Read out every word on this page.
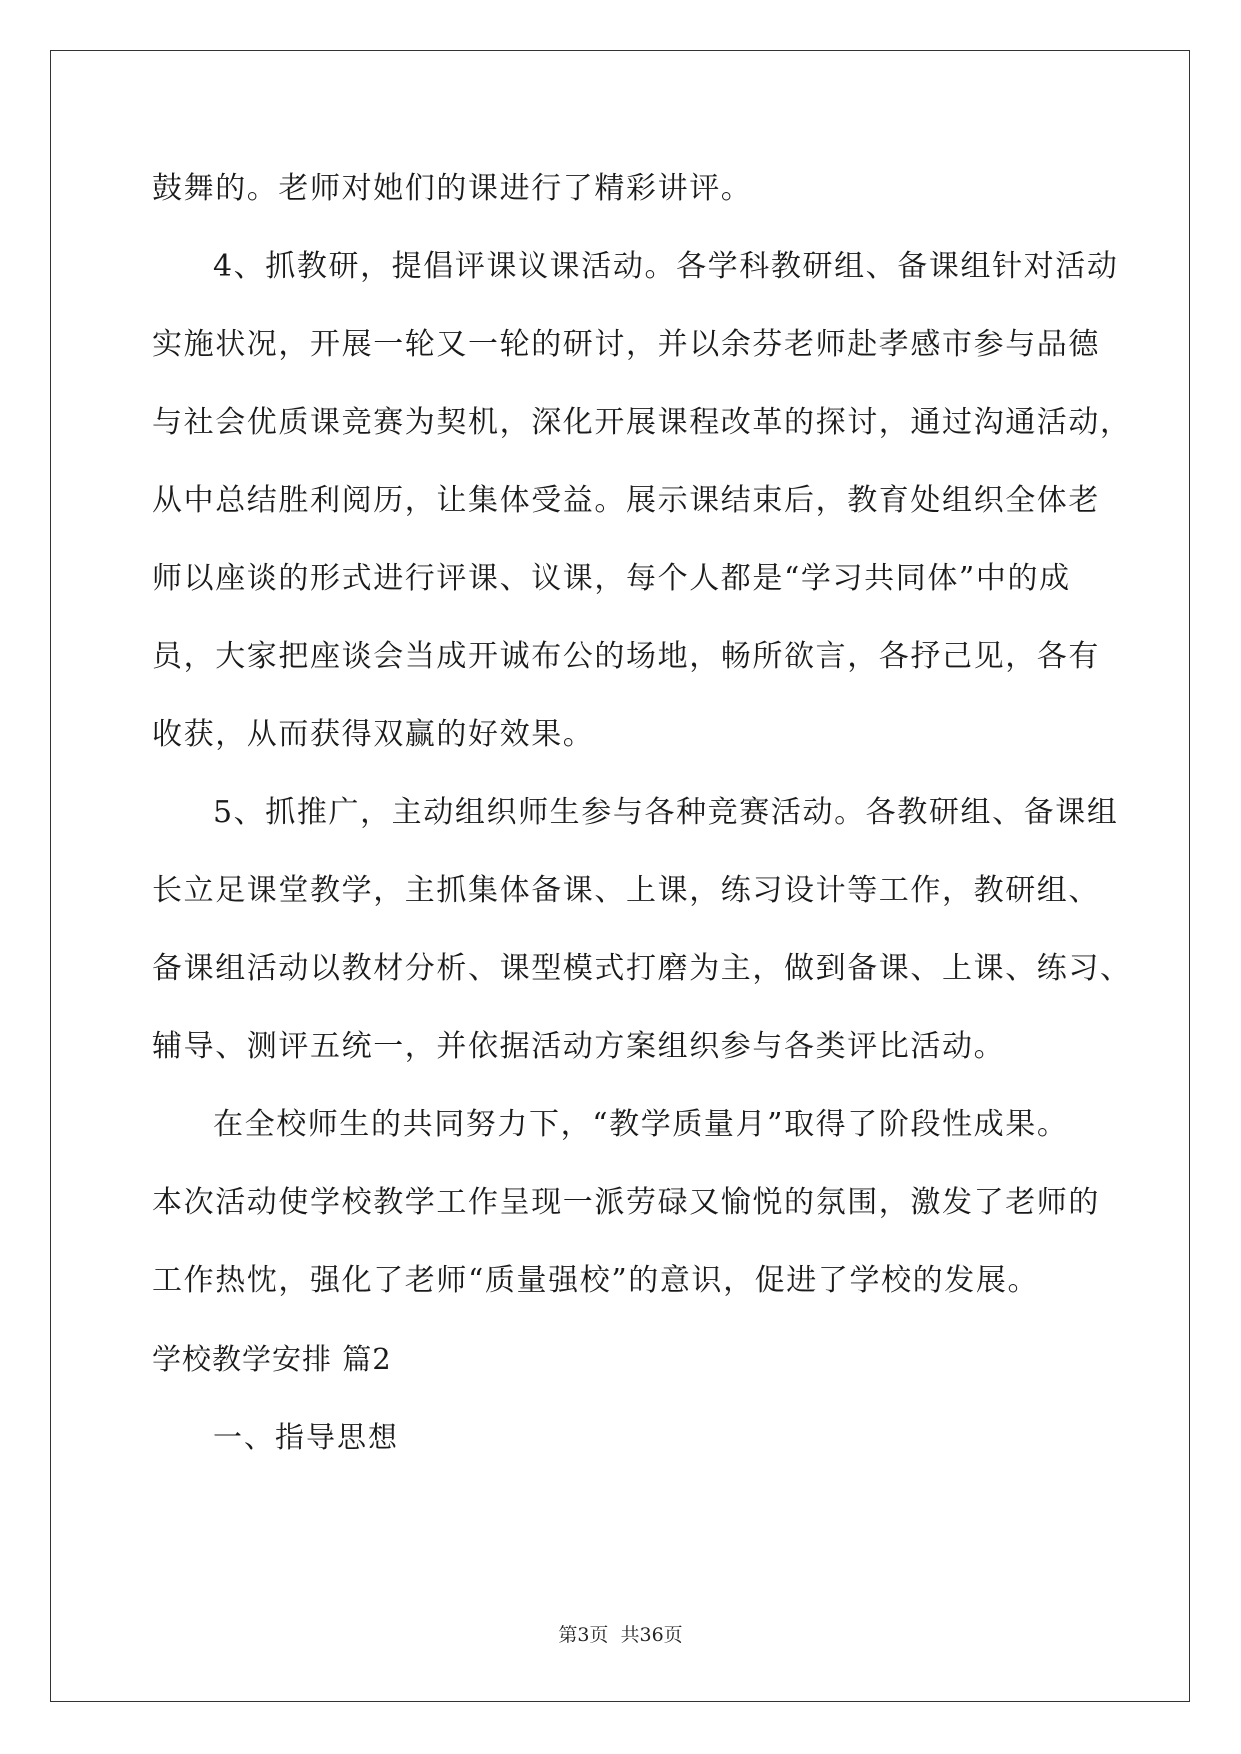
鼓舞的。老师对她们的课进行了精彩讲评。
4、抓教研，提倡评课议课活动。各学科教研组、备课组针对活动
实施状况，开展一轮又一轮的研讨，并以余芬老师赴孝感市参与品德
与社会优质课竞赛为契机，深化开展课程改革的探讨，通过沟通活动，
从中总结胜利阅历，让集体受益。展示课结束后，教育处组织全体老
师以座谈的形式进行评课、议课，每个人都是“学习共同体”中的成
员，大家把座谈会当成开诚布公的场地，畅所欲言，各抒己见，各有
收获，从而获得双赢的好效果。
5、抓推广，主动组织师生参与各种竞赛活动。各教研组、备课组
长立足课堂教学，主抓集体备课、上课，练习设计等工作，教研组、
备课组活动以教材分析、课型模式打磨为主，做到备课、上课、练习、
辅导、测评五统一，并依据活动方案组织参与各类评比活动。
在全校师生的共同努力下，“教学质量月”取得了阶段性成果。
本次活动使学校教学工作呈现一派劳碌又愉悦的氛围，激发了老师的
工作热忱，强化了老师“质量强校”的意识，促进了学校的发展。
学校教学安排 篇2
一、指导思想
第3页  共36页
